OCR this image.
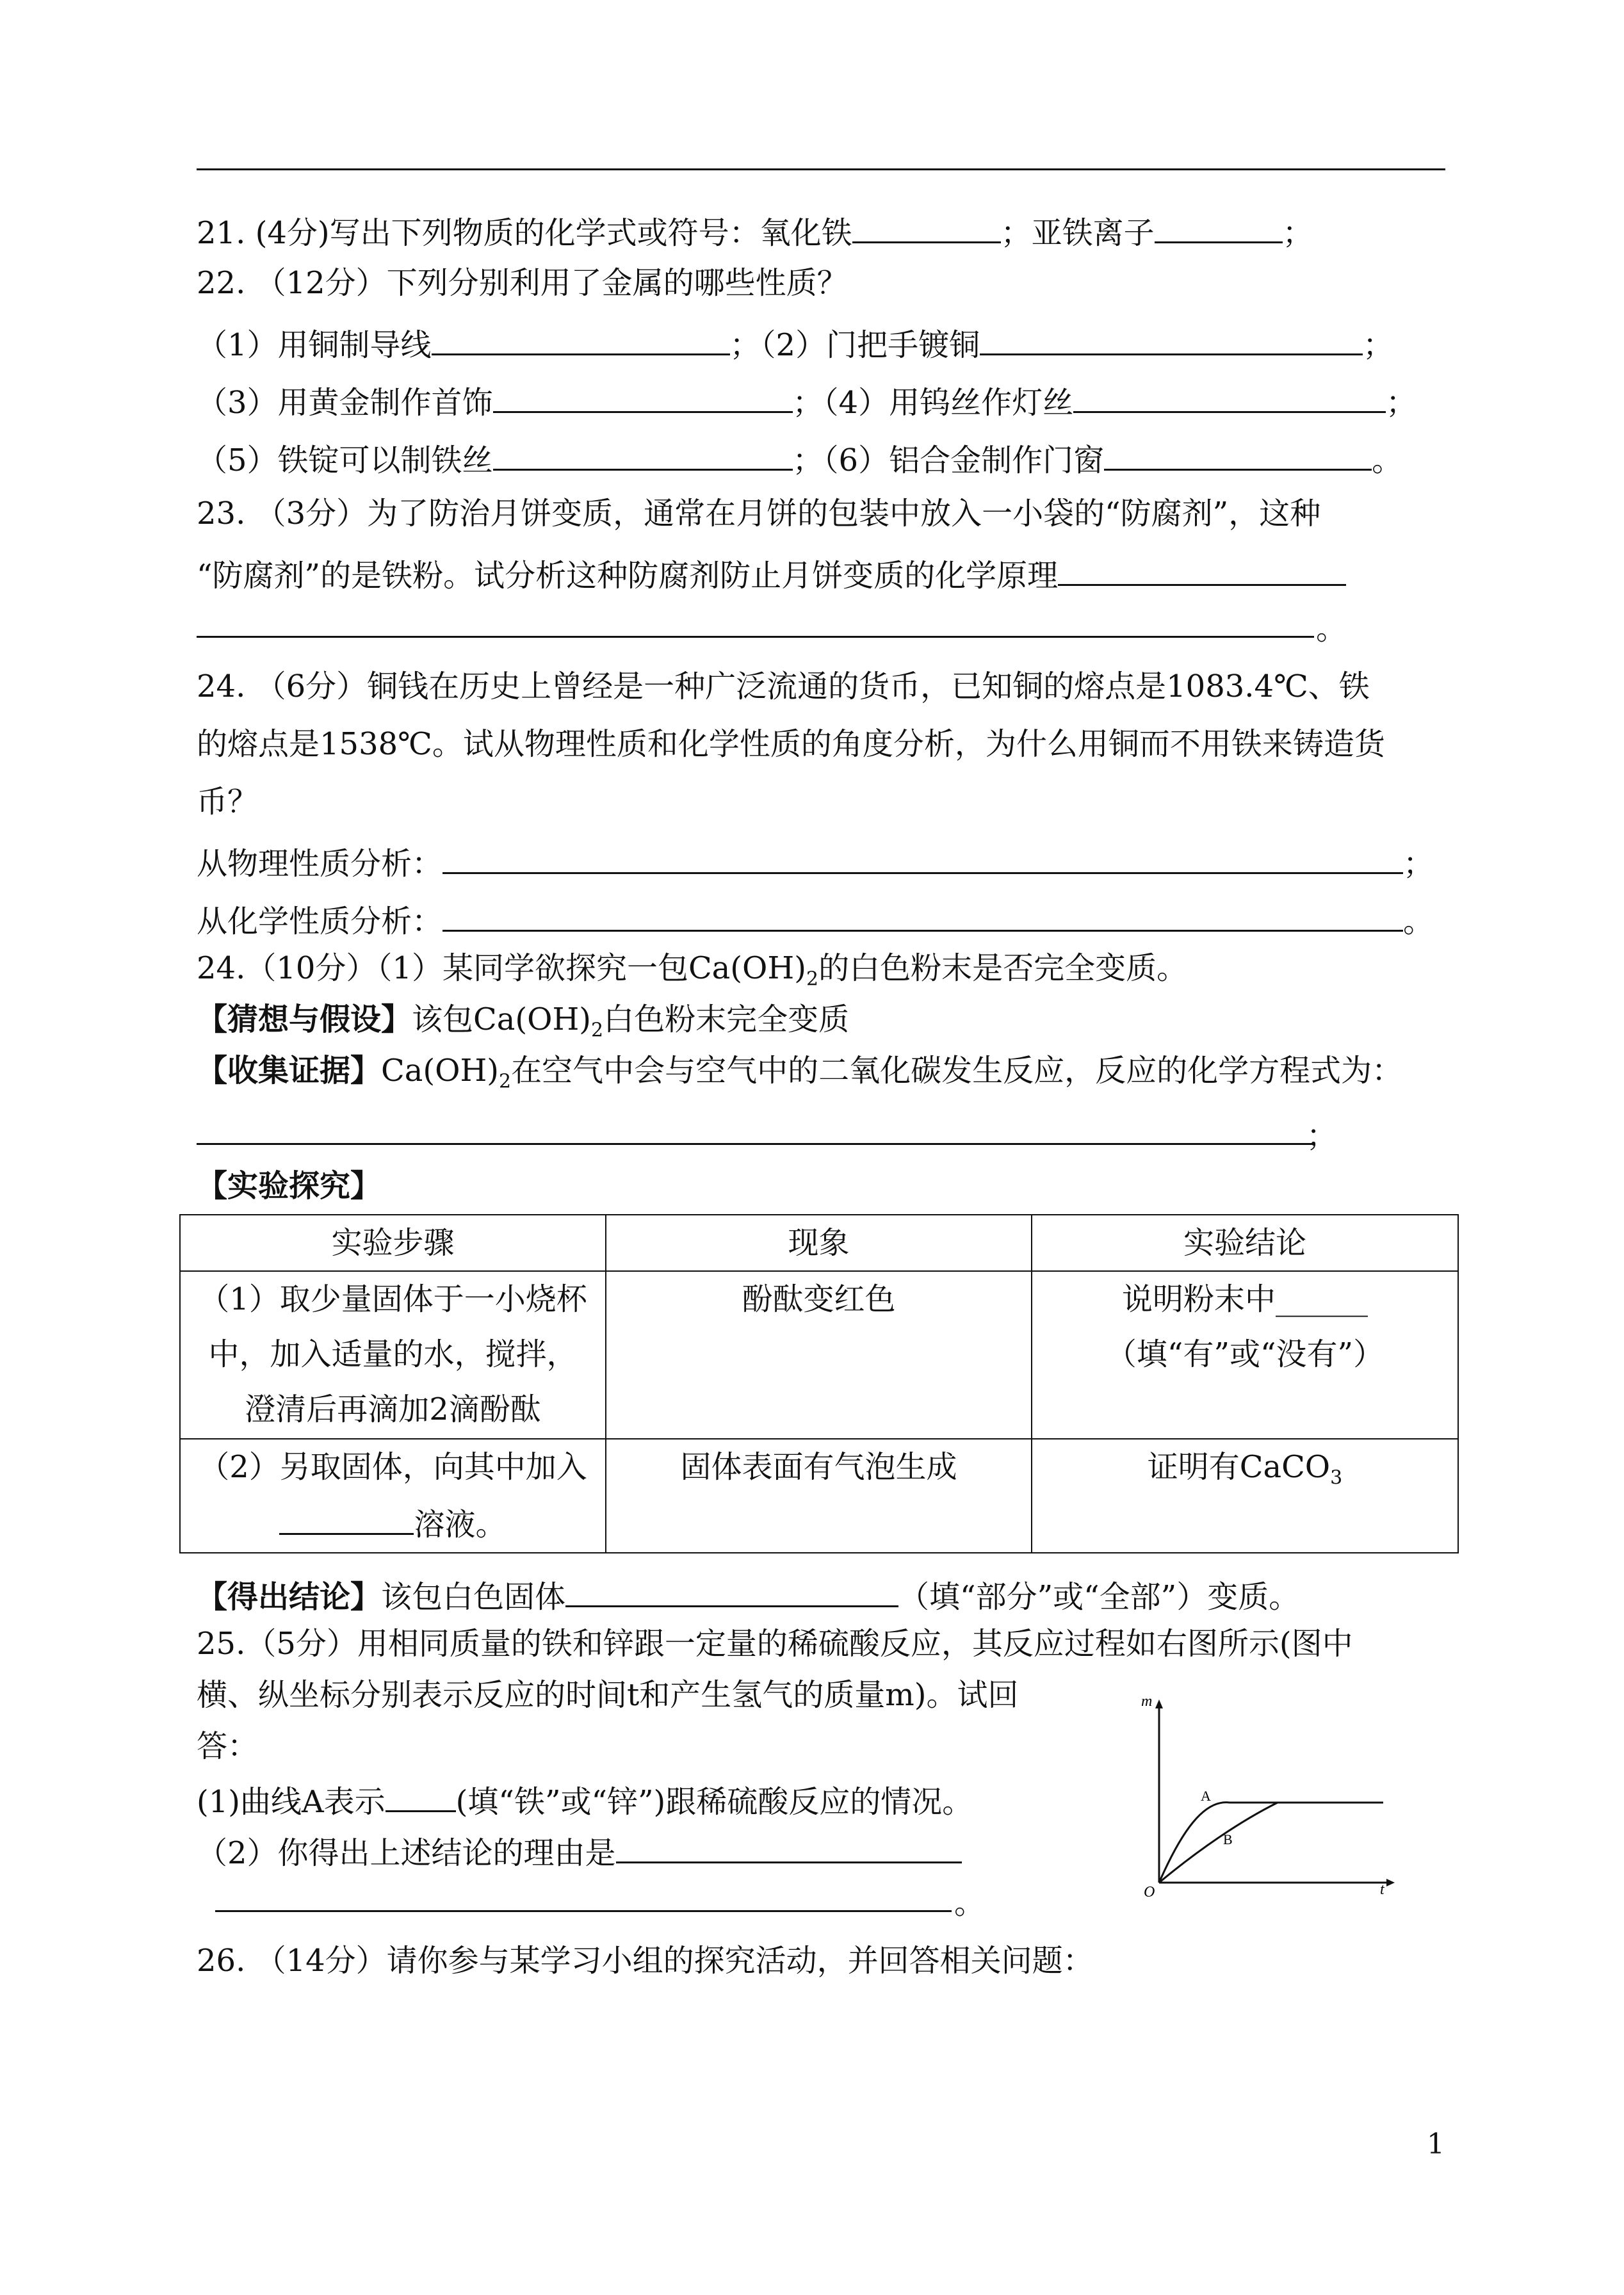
21. (4分)写出下列物质的化学式或符号：氧化铁	；亚铁离子	；
22. （12分）下列分别利用了金属的哪些性质？
（1）用铜制导线	；（2）门把手镀铜	；
（3）用黄金制作首饰	；（4）用钨丝作灯丝	；
（5）铁锭可以制铁丝	；（6）铝合金制作门窗	。
23. （3分）为了防治月饼变质，通常在月饼的包装中放入一小袋的“防腐剂”，这种
“防腐剂”的是铁粉。试分析这种防腐剂防止月饼变质的化学原理
。
24. （6分）铜钱在历史上曾经是一种广泛流通的货币，已知铜的熔点是1083.4℃、铁
的熔点是1538℃。试从物理性质和化学性质的角度分析，为什么用铜而不用铁来铸造货
币？
从物理性质分析：	；
从化学性质分析：	。
24.（10分）（1）某同学欲探究一包$Ca(OH)_2$的白色粉末是否完全变质。
【猜想与假设】该包$Ca(OH)_2$白色粉末完全变质
【收集证据】$Ca(OH)_2$在空气中会与空气中的二氧化碳发生反应，反应的化学方程式为：
；
【实验探究】
实验步骤	现象	实验结论
（1）取少量固体于一小烧杯中，加入适量的水，搅拌，澄清后再滴加2滴酚酞	酚酞变红色	说明粉末中______（填“有”或“没有”）
（2）另取固体，向其中加入溶液。	固体表面有气泡生成	证明有CaCO$_3$
【得出结论】该包白色固体	（填“部分”或“全部”）变质。
25.（5分）用相同质量的铁和锌跟一定量的稀硫酸反应，其反应过程如右图所示(图中
横、纵坐标分别表示反应的时间t和产生氢气的质量m)。试回
答：
(1)曲线A表示 (填“铁”或“锌”)跟稀硫酸反应的情况。
（2）你得出上述结论的理由是
。
m
t
O
A
B
26. （14分）请你参与某学习小组的探究活动，并回答相关问题：
1
